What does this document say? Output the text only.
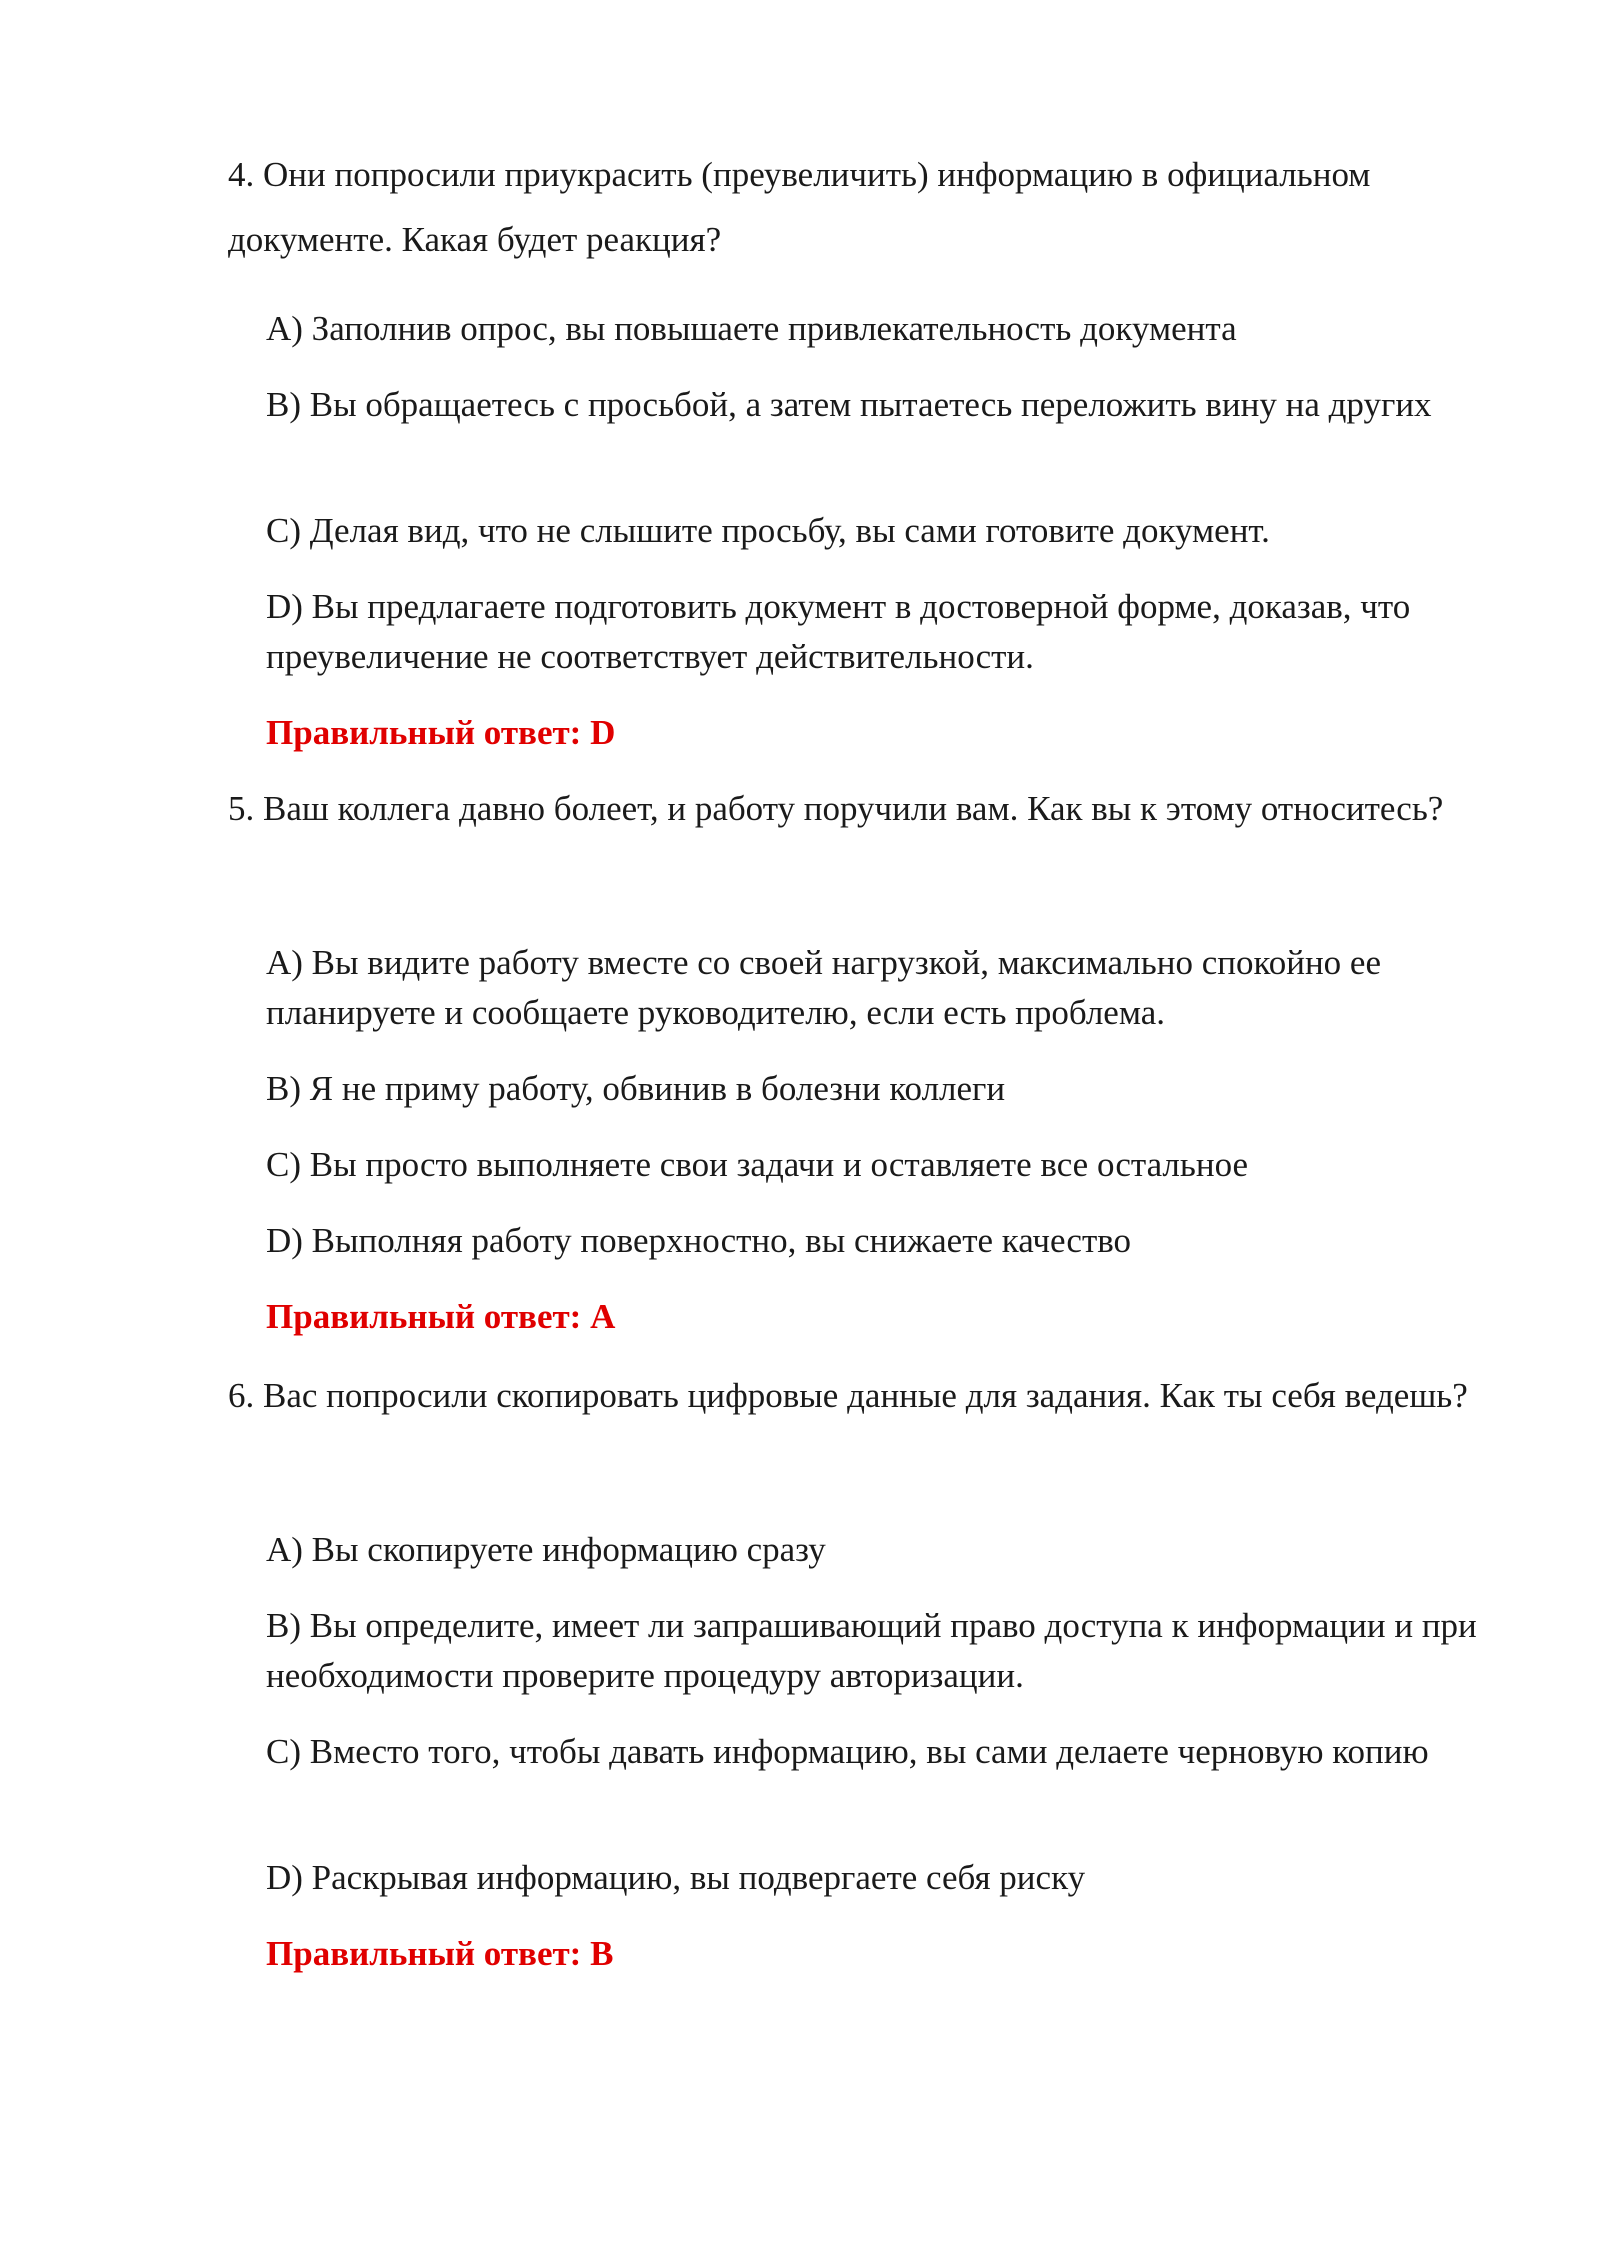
4. Они попросили приукрасить (преувеличить) информацию в официальном документе. Какая будет реакция?

A) Заполнив опрос, вы повышаете привлекательность документа
B) Вы обращаетесь с просьбой, а затем пытаетесь переложить вину на других
C) Делая вид, что не слышите просьбу, вы сами готовите документ.
D) Вы предлагаете подготовить документ в достоверной форме, доказав, что преувеличение не соответствует действительности.
Правильный ответ: D

5. Ваш коллега давно болеет, и работу поручили вам. Как вы к этому относитесь?

A) Вы видите работу вместе со своей нагрузкой, максимально спокойно ее планируете и сообщаете руководителю, если есть проблема.
B) Я не приму работу, обвинив в болезни коллеги
C) Вы просто выполняете свои задачи и оставляете все остальное
D) Выполняя работу поверхностно, вы снижаете качество
Правильный ответ: A

6. Вас попросили скопировать цифровые данные для задания. Как ты себя ведешь?

A) Вы скопируете информацию сразу
B) Вы определите, имеет ли запрашивающий право доступа к информации и при необходимости проверите процедуру авторизации.
C) Вместо того, чтобы давать информацию, вы сами делаете черновую копию
D) Раскрывая информацию, вы подвергаете себя риску
Правильный ответ: B
